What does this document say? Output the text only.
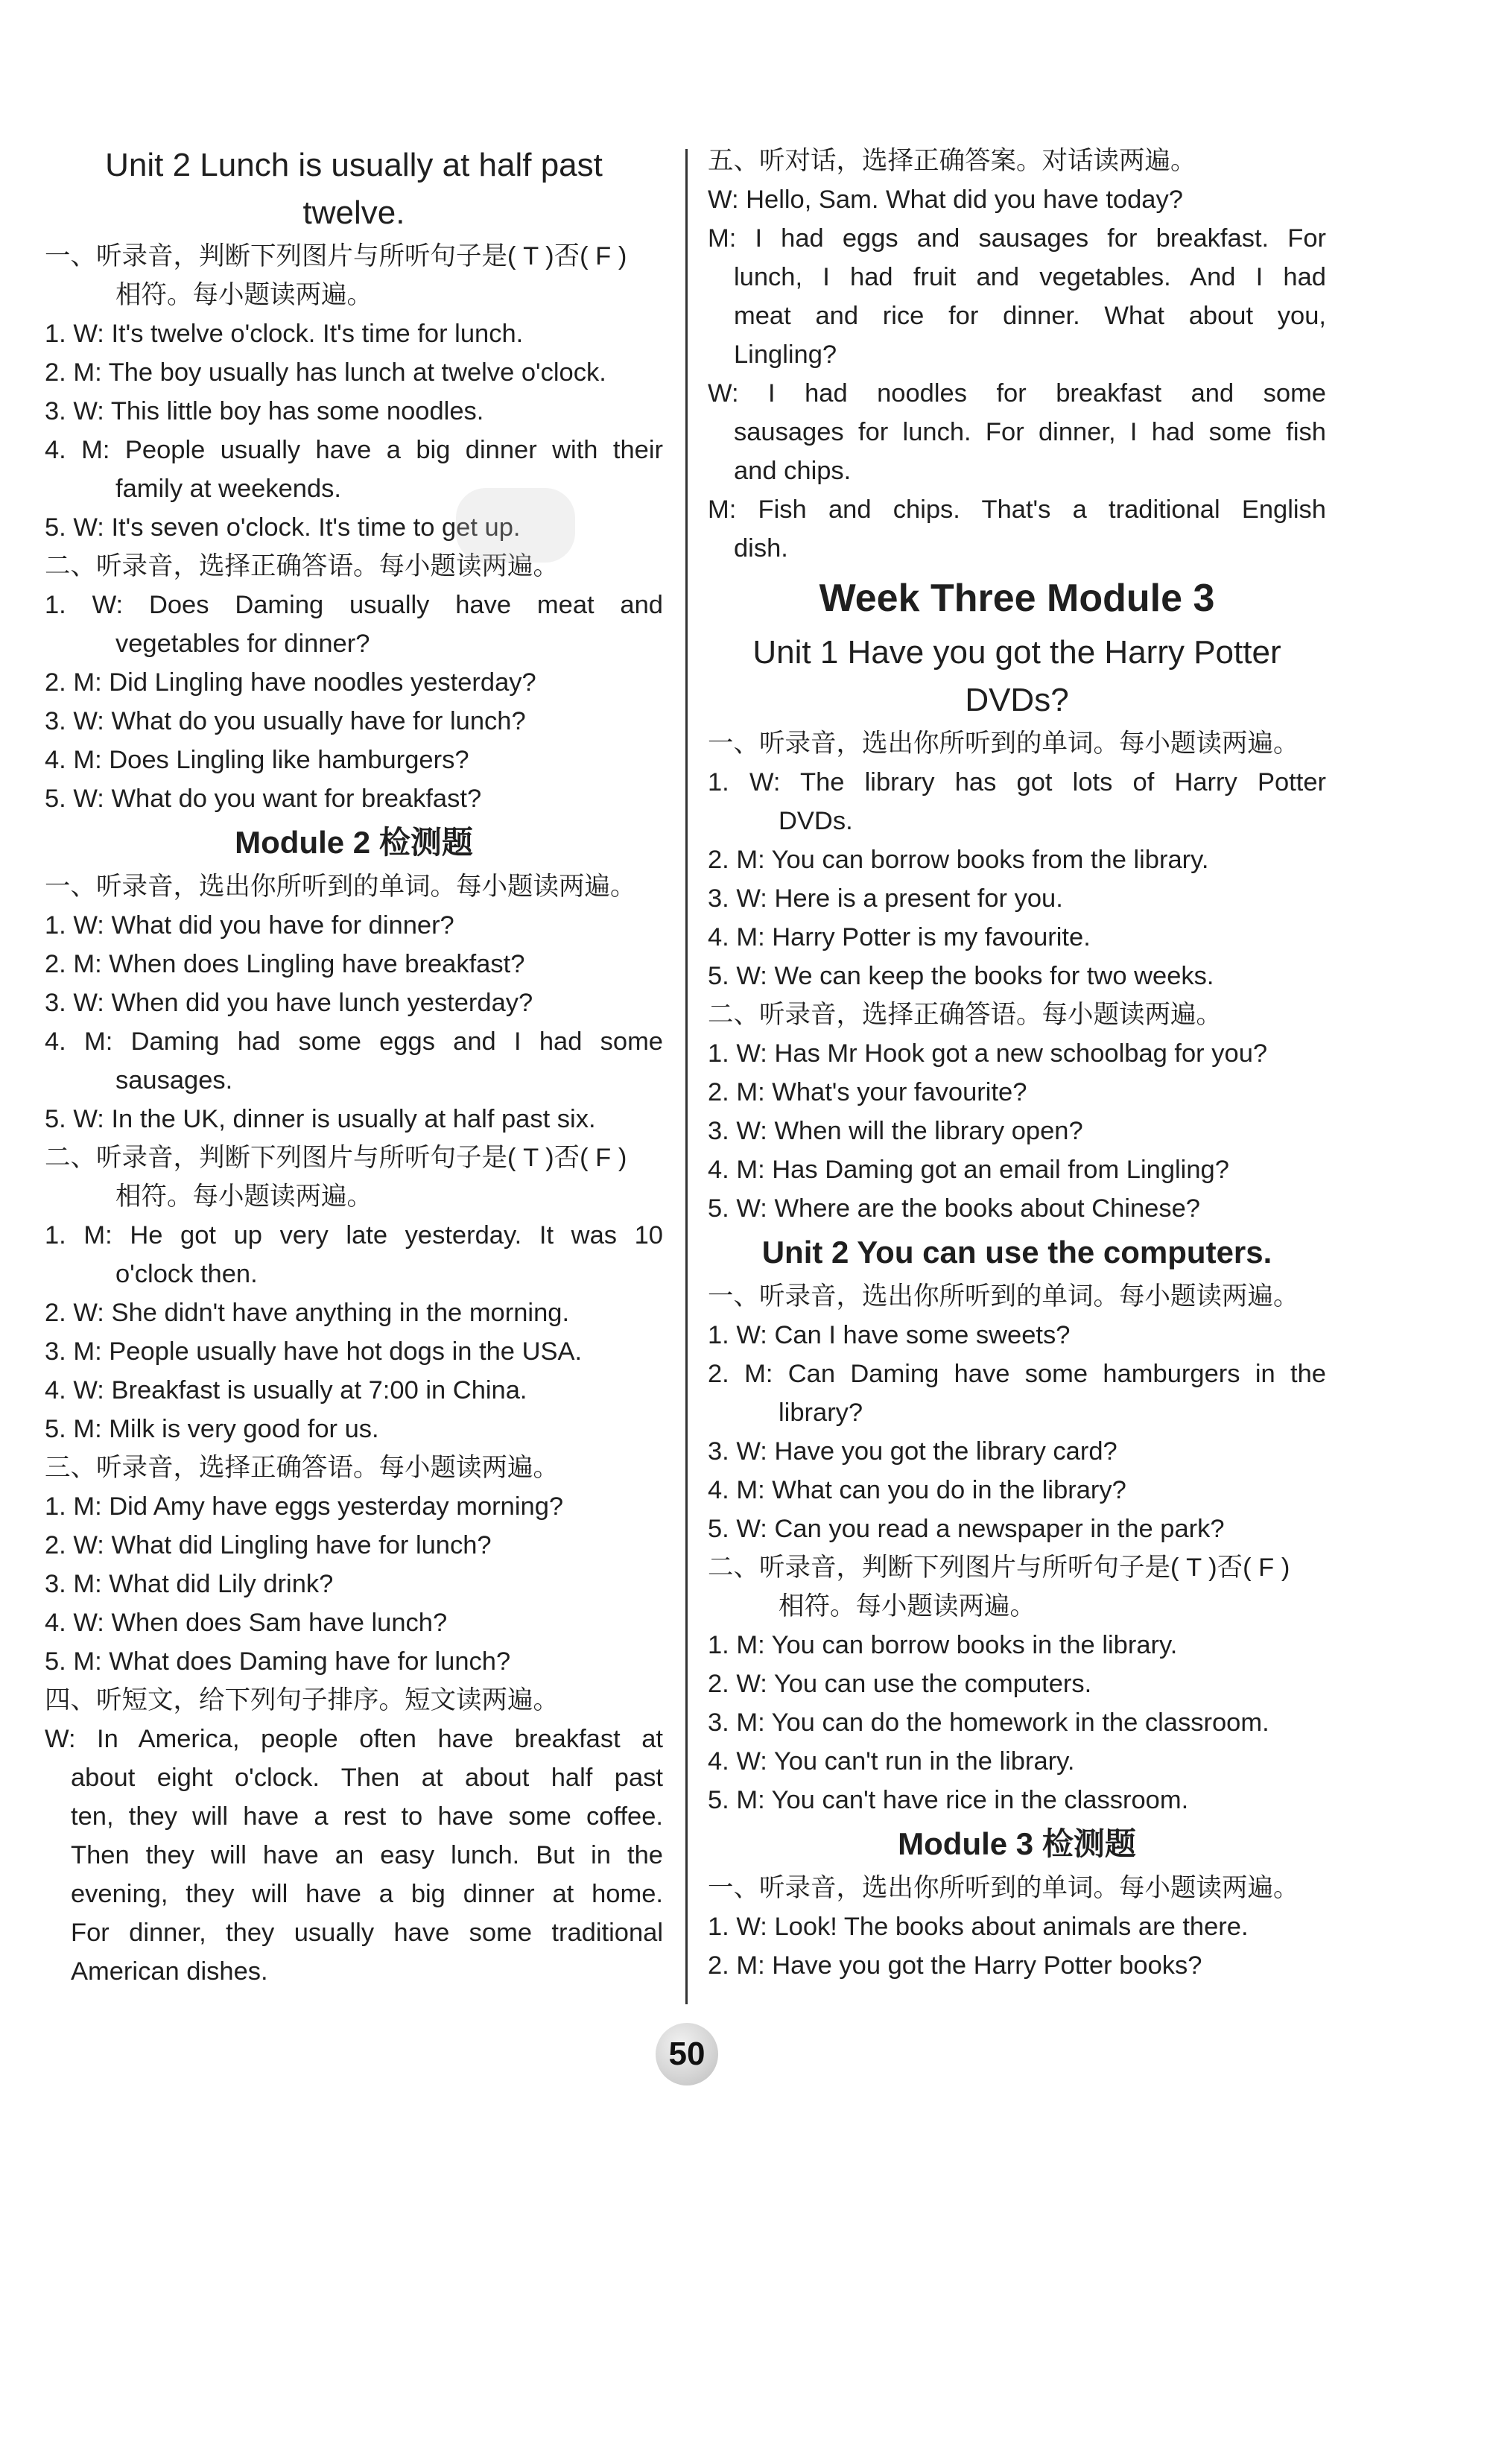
Unit 2 Lunch is usually at half past
twelve.
一、听录音，判断下列图片与所听句子是( T )否( F )
相符。每小题读两遍。
1. W: It's twelve o'clock. It's time for lunch.
2. M: The boy usually has lunch at twelve o'clock.
3. W: This little boy has some noodles.
4. M: People usually have a big dinner with their
family at weekends.
5. W: It's seven o'clock. It's time to get up.
二、听录音，选择正确答语。每小题读两遍。
1. W: Does Daming usually have meat and
vegetables for dinner?
2. M: Did Lingling have noodles yesterday?
3. W: What do you usually have for lunch?
4. M: Does Lingling like hamburgers?
5. W: What do you want for breakfast?
Module 2 检测题
一、听录音，选出你所听到的单词。每小题读两遍。
1. W: What did you have for dinner?
2. M: When does Lingling have breakfast?
3. W: When did you have lunch yesterday?
4. M: Daming had some eggs and I had some
sausages.
5. W: In the UK, dinner is usually at half past six.
二、听录音，判断下列图片与所听句子是( T )否( F )
相符。每小题读两遍。
1. M: He got up very late yesterday. It was 10
o'clock then.
2. W: She didn't have anything in the morning.
3. M: People usually have hot dogs in the USA.
4. W: Breakfast is usually at 7:00 in China.
5. M: Milk is very good for us.
三、听录音，选择正确答语。每小题读两遍。
1. M: Did Amy have eggs yesterday morning?
2. W: What did Lingling have for lunch?
3. M: What did Lily drink?
4. W: When does Sam have lunch?
5. M: What does Daming have for lunch?
四、听短文，给下列句子排序。短文读两遍。
W: In America, people often have breakfast at
about eight o'clock. Then at about half past
ten, they will have a rest to have some coffee.
Then they will have an easy lunch. But in the
evening, they will have a big dinner at home.
For dinner, they usually have some traditional
American dishes.
五、听对话，选择正确答案。对话读两遍。
W: Hello, Sam. What did you have today?
M: I had eggs and sausages for breakfast. For
lunch, I had fruit and vegetables. And I had
meat and rice for dinner. What about you,
Lingling?
W: I had noodles for breakfast and some
sausages for lunch. For dinner, I had some fish
and chips.
M: Fish and chips. That's a traditional English
dish.
Week Three Module 3
Unit 1 Have you got the Harry Potter
DVDs?
一、听录音，选出你所听到的单词。每小题读两遍。
1. W: The library has got lots of Harry Potter
DVDs.
2. M: You can borrow books from the library.
3. W: Here is a present for you.
4. M: Harry Potter is my favourite.
5. W: We can keep the books for two weeks.
二、听录音，选择正确答语。每小题读两遍。
1. W: Has Mr Hook got a new schoolbag for you?
2. M: What's your favourite?
3. W: When will the library open?
4. M: Has Daming got an email from Lingling?
5. W: Where are the books about Chinese?
Unit 2 You can use the computers.
一、听录音，选出你所听到的单词。每小题读两遍。
1. W: Can I have some sweets?
2. M: Can Daming have some hamburgers in the
library?
3. W: Have you got the library card?
4. M: What can you do in the library?
5. W: Can you read a newspaper in the park?
二、听录音，判断下列图片与所听句子是( T )否( F )
相符。每小题读两遍。
1. M: You can borrow books in the library.
2. W: You can use the computers.
3. M: You can do the homework in the classroom.
4. W: You can't run in the library.
5. M: You can't have rice in the classroom.
Module 3 检测题
一、听录音，选出你所听到的单词。每小题读两遍。
1. W: Look! The books about animals are there.
2. M: Have you got the Harry Potter books?
50
